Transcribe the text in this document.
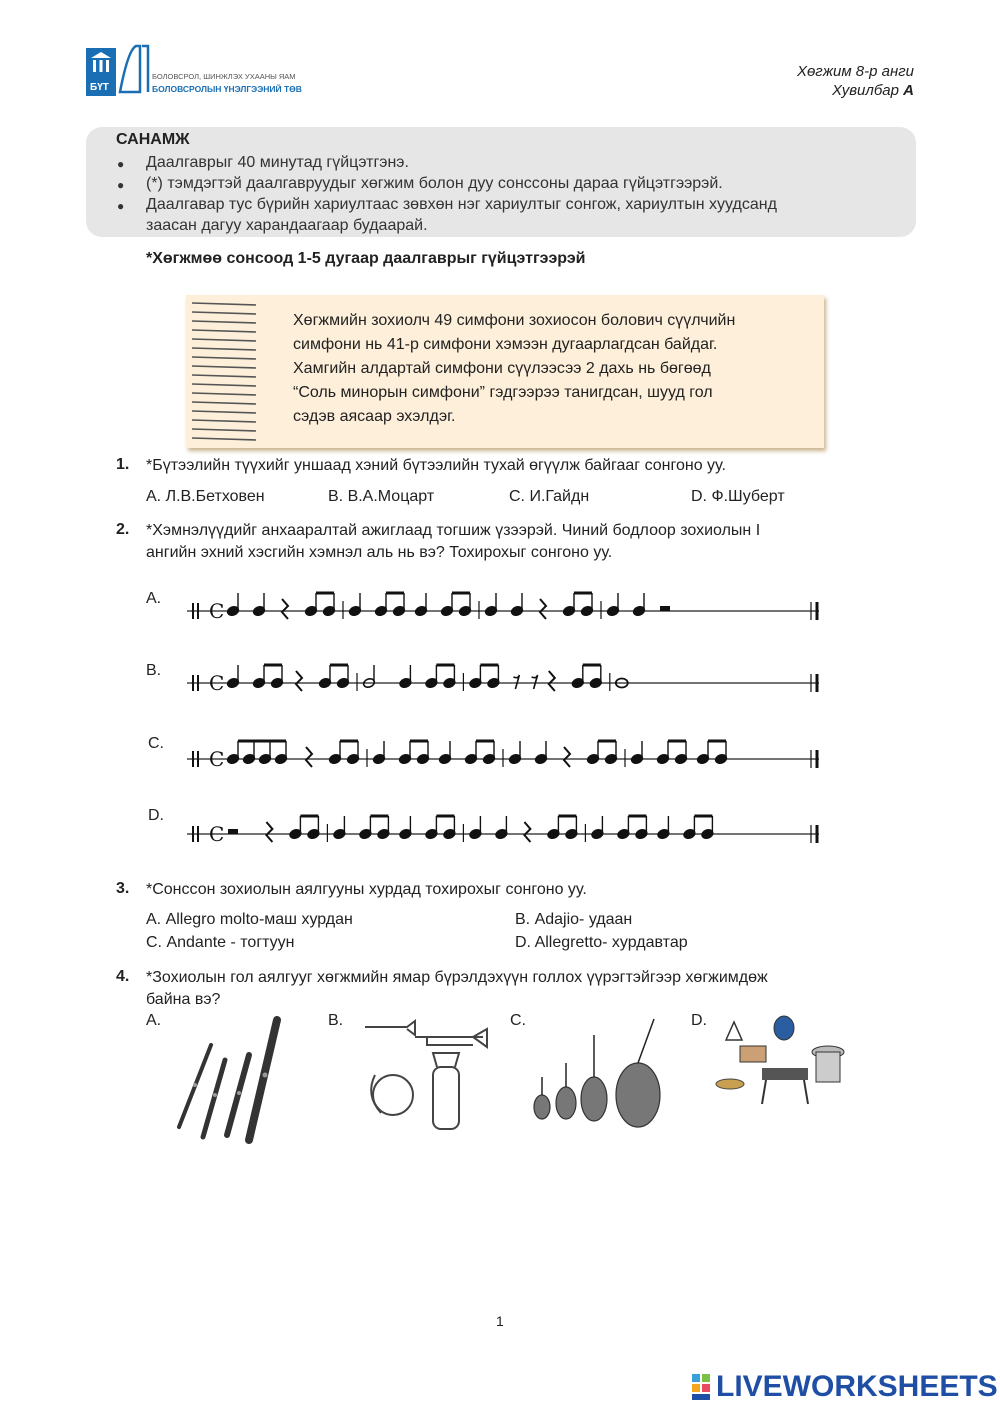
БҮТ
БОЛОВСРОЛ, ШИНЖЛЭХ УХААНЫ ЯАМ
БОЛОВСРОЛЫН ҮНЭЛГЭЭНИЙ ТӨВ
Хөгжим 8-р анги
Хувилбар А
САНАМЖ
● Даалгаврыг 40 минутад гүйцэтгэнэ.
● (*) тэмдэгтэй даалгавруудыг хөгжим болон дуу сонссоны дараа гүйцэтгээрэй.
● Даалгавар тус бүрийн хариултаас зөвхөн нэг хариултыг сонгож, хариултын хуудсанд
заасан дагуу харандаагаар будаарай.
*Хөгжмөө сонсоод 1-5 дугаар даалгаврыг гүйцэтгээрэй
Хөгжмийн зохиолч 49 симфони зохиосон болович сүүлчийн
симфони нь 41-р симфони хэмээн дугаарлагдсан байдаг.
Хамгийн алдартай симфони сүүлээсээ 2 дахь нь бөгөөд
“Соль минорын симфони” гэдгээрээ танигдсан, шууд гол
сэдэв аясаар эхэлдэг.
1. *Бүтээлийн түүхийг уншаад хэний бүтээлийн тухай өгүүлж байгааг сонгоно уу.
А. Л.В.Бетховен	В. В.А.Моцарт	С. И.Гайдн	D. Ф.Шуберт
2. *Хэмнэлүүдийг анхааралтай ажиглаад тогшиж үзээрэй. Чиний бодлоор зохиолын I
ангийн эхний хэсгийн хэмнэл аль нь вэ? Тохирохыг сонгоно уу.
A.
C
B.
C
C.
C
D.
C
3. *Сонссон зохиолын аялгууны хурдад тохирохыг сонгоно уу.
А. Allegro molto-маш хурдан	В. Adajio- удаан
С. Andante - тогтуун	D. Allegretto- хурдавтар
4. *Зохиолын гол аялгууг хөгжмийн ямар бүрэлдэхүүн голлох үүрэгтэйгээр хөгжимдөж
байна вэ?
А.	В.	С.	D.
1
LIVEWORKSHEETS
